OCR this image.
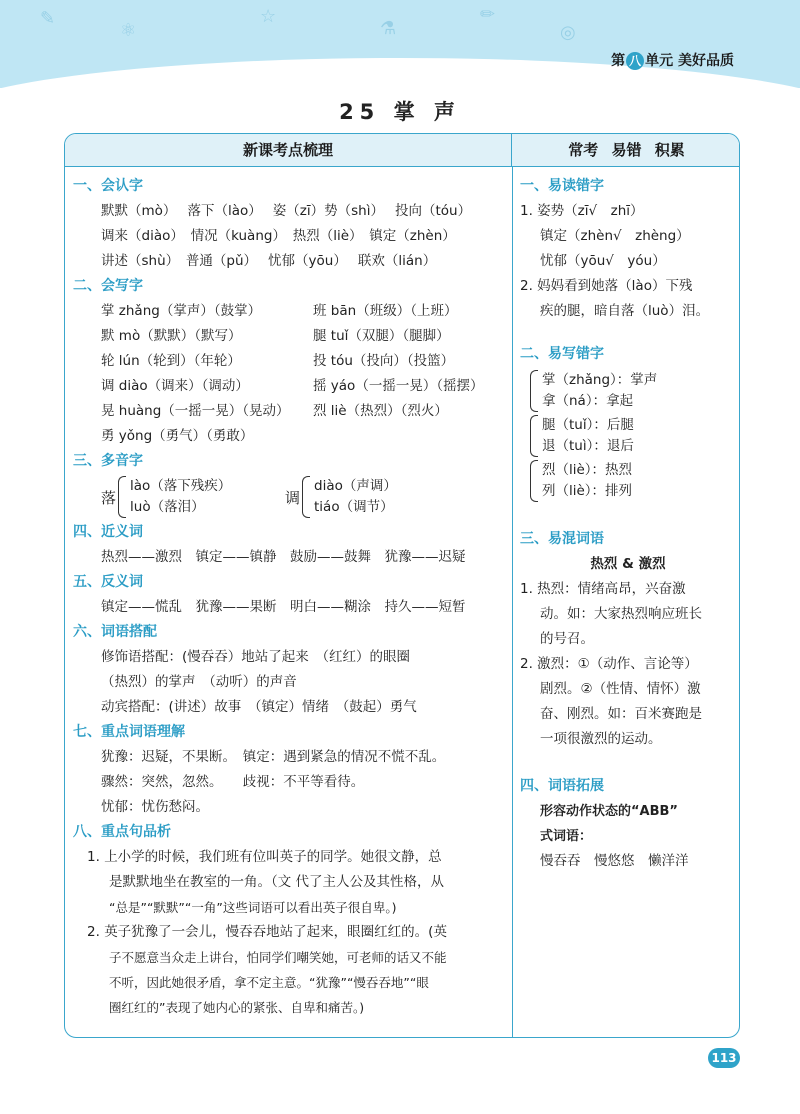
✎
⚛
☆
⚗
✏
◎
第 八 单元 美好品质
25 掌 声
新课考点梳理	常考 易错 积累
一、会认字
默默（mò）　 落下（lào）　 姿（zī）势（shì）　 投向（tóu）
调来（diào）　情况（kuàng）　热烈（liè）　镇定（zhèn）
讲述（shù）　普通（pǔ）　 忧郁（yōu）　 联欢（lián）
二、会写字
掌 zhǎng（掌声）（鼓掌）	班 bān（班级）（上班）
默 mò（默默）（默写）	腿 tuǐ（双腿）（腿脚）
轮 lún（轮到）（年轮）	投 tóu（投向）（投篮）
调 diào（调来）（调动）	摇 yáo（一摇一晃）（摇摆）
晃 huàng（一摇一晃）（晃动）	烈 liè（热烈）（烈火）
勇 yǒng（勇气）（勇敢）
三、多音字
落
lào（落下残疾）
luò（落泪）
调
diào（声调）
tiáo（调节）
四、近义词
热烈——激烈　镇定——镇静　鼓励——鼓舞　犹豫——迟疑
五、反义词
镇定——慌乱　犹豫——果断　明白——糊涂　持久——短暂
六、词语搭配
修饰语搭配：(慢吞吞）地站了起来　（红红）的眼圈
（热烈）的掌声　（动听）的声音
动宾搭配：(讲述）故事　（镇定）情绪　（鼓起）勇气
七、重点词语理解
犹豫：迟疑，不果断。　镇定：遇到紧急的情况不慌不乱。
骤然：突然，忽然。　　歧视：不平等看待。
忧郁：忧伤愁闷。
八、重点句品析
1. 上小学的时候，我们班有位叫英子的同学。她很文静，总
是默默地坐在教室的一角。（文 代了主人公及其性格，从
“总是”“默默”“一角”这些词语可以看出英子很自卑。)
2. 英子犹豫了一会儿，慢吞吞地站了起来，眼圈红红的。(英
子不愿意当众走上讲台，怕同学们嘲笑她，可老师的话又不能
不听，因此她很矛盾，拿不定主意。“犹豫”“慢吞吞地”“眼
圈红红的”表现了她内心的紧张、自卑和痛苦。)
一、易读错字
1. 姿势（zī√　zhī）
镇定（zhèn√　zhèng）
忧郁（yōu√　yóu）
2. 妈妈看到她落（lào）下残
疾的腿，暗自落（luò）泪。
二、易写错字
掌（zhǎng）：掌声
拿（ná）：拿起
腿（tuǐ）：后腿
退（tuì）：退后
烈（liè）：热烈
列（liè）：排列
三、易混词语
热烈 & 激烈
1. 热烈：情绪高昂，兴奋激
动。如：大家热烈响应班长
的号召。
2. 激烈：①（动作、言论等）
剧烈。②（性情、情怀）激
奋、刚烈。如：百米赛跑是
一项很激烈的运动。
四、词语拓展
形容动作状态的“ABB”
式词语：
慢吞吞　慢悠悠　懒洋洋
113
